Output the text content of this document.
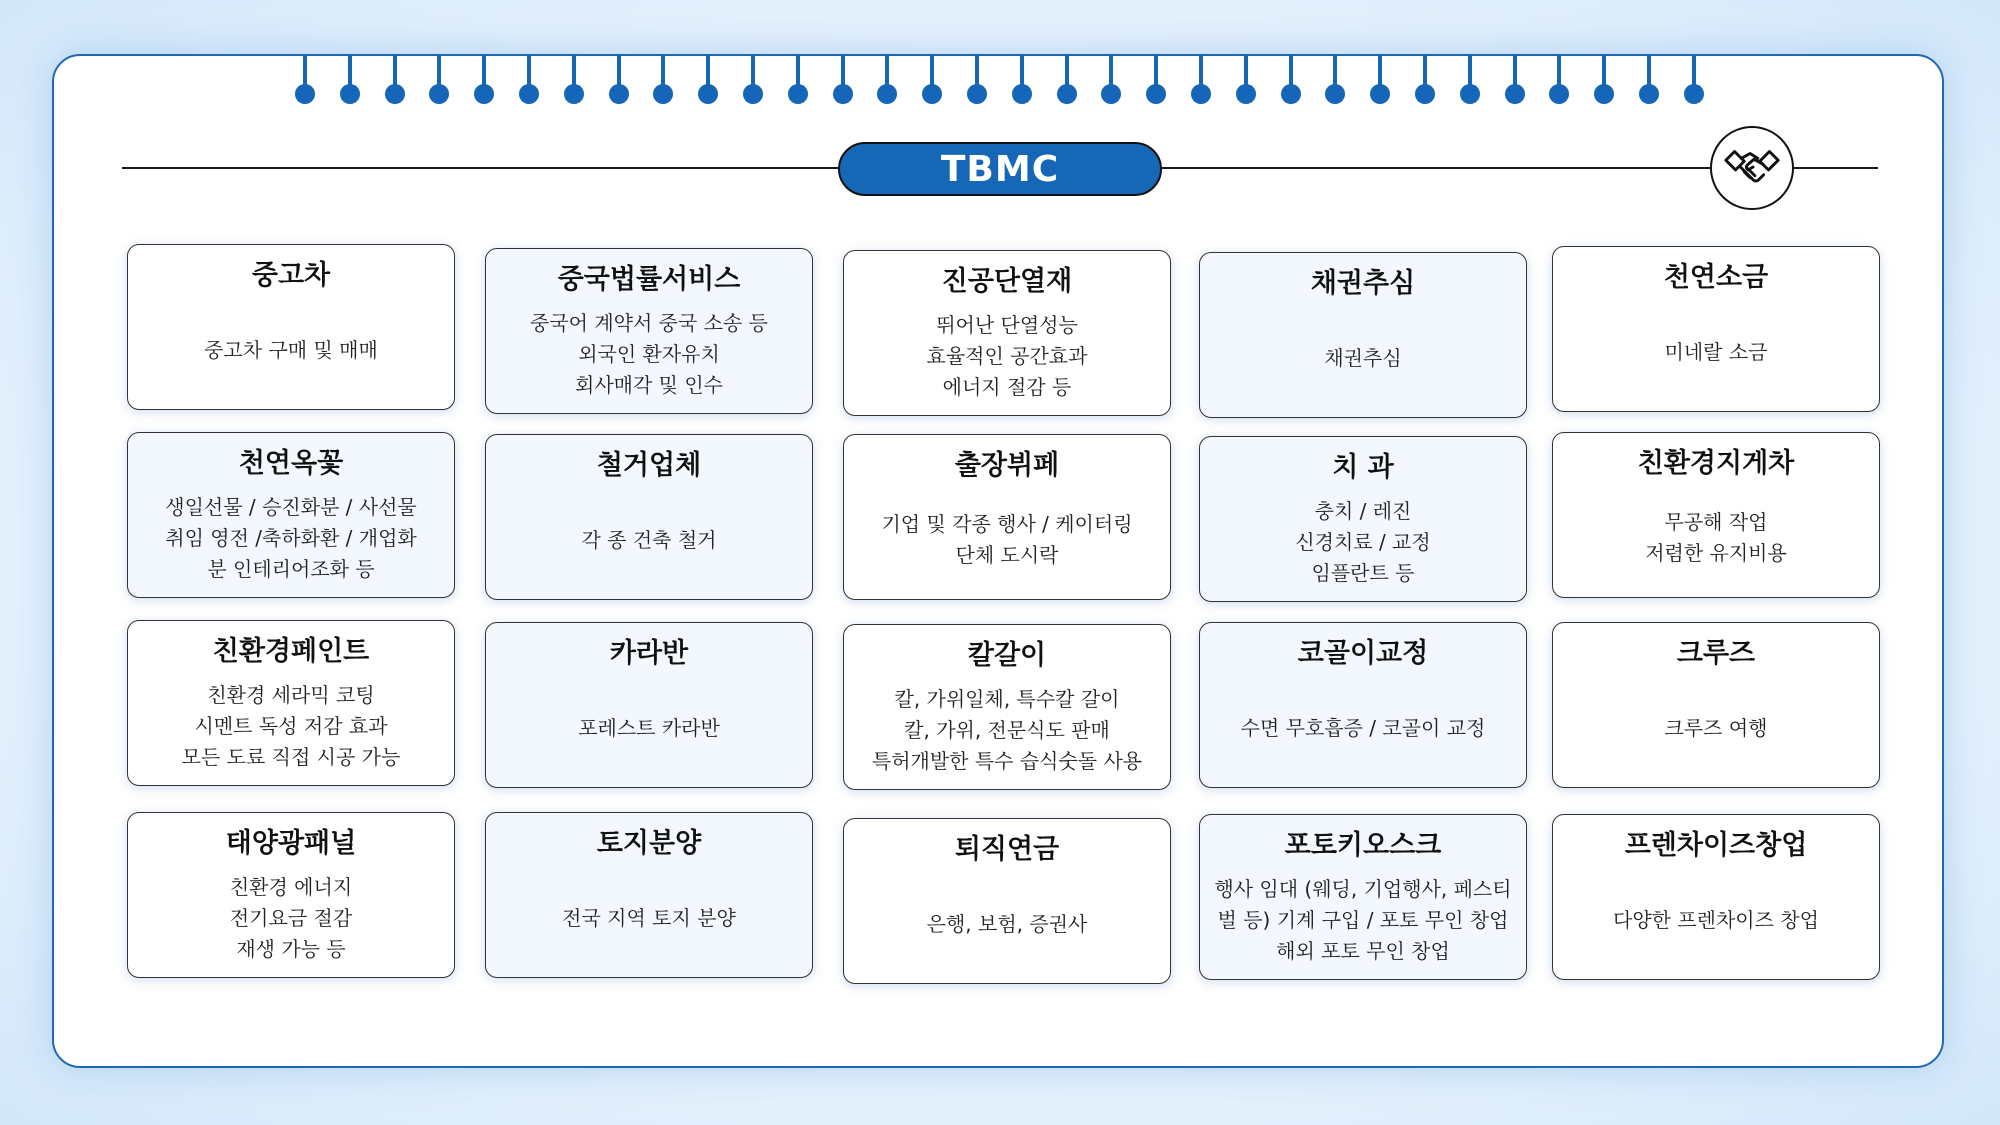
TBMC
중고차
중고차 구매 및 매매
중국법률서비스
중국어 계약서 중국 소송 등
외국인 환자유치
회사매각 및 인수
진공단열재
뛰어난 단열성능
효율적인 공간효과
에너지 절감 등
채권추심
채권추심
천연소금
미네랄 소금
천연옥꽃
생일선물 / 승진화분 / 사선물
취임 영전 /축하화환 / 개업화
분 인테리어조화 등
철거업체
각 종 건축 철거
출장뷔페
기업 및 각종 행사 / 케이터링
단체 도시락
치 과
충치 / 레진
신경치료 / 교정
임플란트 등
친환경지게차
무공해 작업
저렴한 유지비용
친환경페인트
친환경 세라믹 코팅
시멘트 독성 저감 효과
모든 도료 직접 시공 가능
카라반
포레스트 카라반
칼갈이
칼, 가위일체, 특수칼 갈이
칼, 가위, 전문식도 판매
특허개발한 특수 습식숫돌 사용
코골이교정
수면 무호흡증 / 코골이 교정
크루즈
크루즈 여행
태양광패널
친환경 에너지
전기요금 절감
재생 가능 등
토지분양
전국 지역 토지 분양
퇴직연금
은행, 보험, 증권사
포토키오스크
행사 임대 (웨딩, 기업행사, 페스티
벌 등) 기계 구입 / 포토 무인 창업
해외 포토 무인 창업
프렌차이즈창업
다양한 프렌차이즈 창업
